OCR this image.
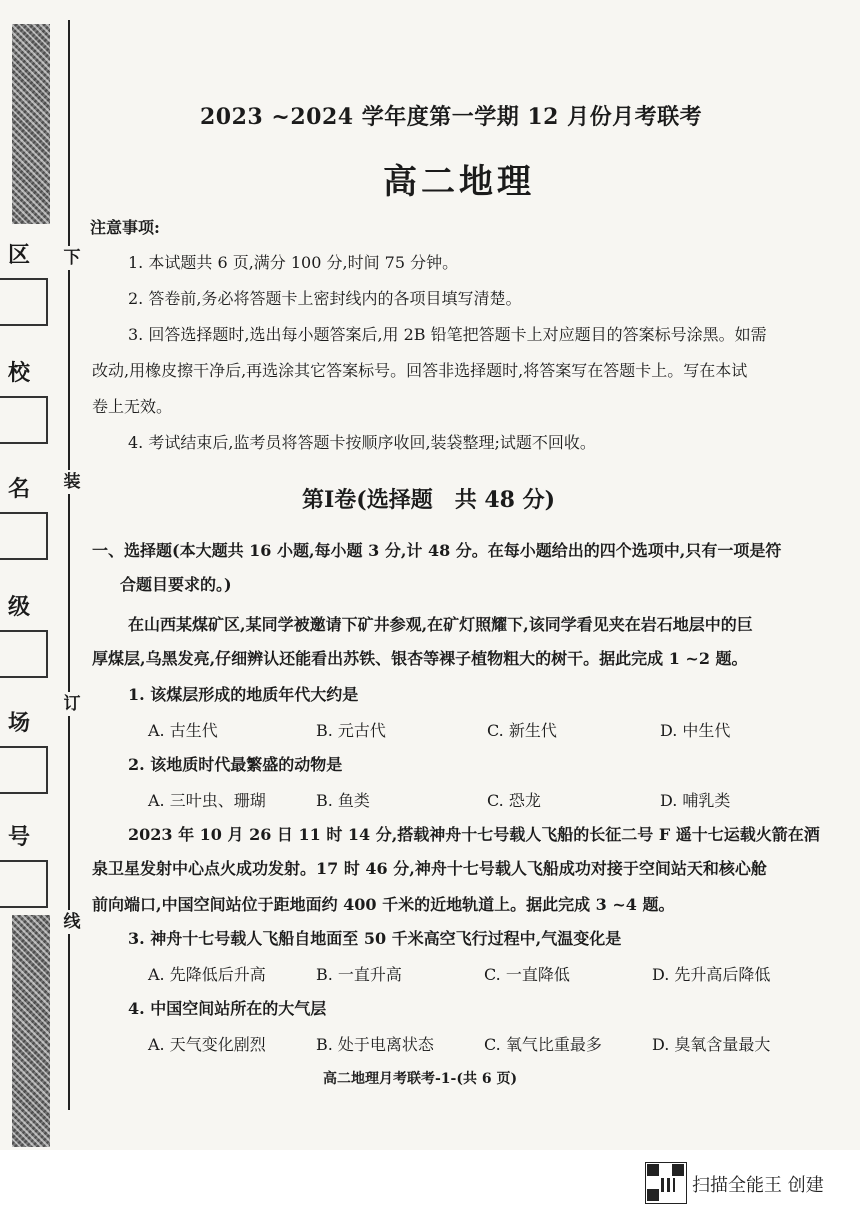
下
装
订
线
区
校
名
级
场
号
2023 ~2024 学年度第一学期 12 月份月考联考
高二地理
注意事项:
1. 本试题共 6 页,满分 100 分,时间 75 分钟。
2. 答卷前,务必将答题卡上密封线内的各项目填写清楚。
3. 回答选择题时,选出每小题答案后,用 2B 铅笔把答题卡上对应题目的答案标号涂黑。如需
改动,用橡皮擦干净后,再选涂其它答案标号。回答非选择题时,将答案写在答题卡上。写在本试
卷上无效。
4. 考试结束后,监考员将答题卡按顺序收回,装袋整理;试题不回收。
第Ⅰ卷(选择题　共 48 分)
一、选择题(本大题共 16 小题,每小题 3 分,计 48 分。在每小题给出的四个选项中,只有一项是符
合题目要求的。)
在山西某煤矿区,某同学被邀请下矿井参观,在矿灯照耀下,该同学看见夹在岩石地层中的巨
厚煤层,乌黑发亮,仔细辨认还能看出苏铁、银杏等裸子植物粗大的树干。据此完成 1 ~2 题。
1. 该煤层形成的地质年代大约是
A. 古生代	B. 元古代	C. 新生代	D. 中生代
2. 该地质时代最繁盛的动物是
A. 三叶虫、珊瑚	B. 鱼类	C. 恐龙	D. 哺乳类
2023 年 10 月 26 日 11 时 14 分,搭载神舟十七号载人飞船的长征二号 F 遥十七运载火箭在酒
泉卫星发射中心点火成功发射。17 时 46 分,神舟十七号载人飞船成功对接于空间站天和核心舱
前向端口,中国空间站位于距地面约 400 千米的近地轨道上。据此完成 3 ~4 题。
3. 神舟十七号载人飞船自地面至 50 千米高空飞行过程中,气温变化是
A. 先降低后升高	B. 一直升高	C. 一直降低	D. 先升高后降低
4. 中国空间站所在的大气层
A. 天气变化剧烈	B. 处于电离状态	C. 氧气比重最多	D. 臭氧含量最大
高二地理月考联考-1-(共 6 页)
扫描全能王 创建
